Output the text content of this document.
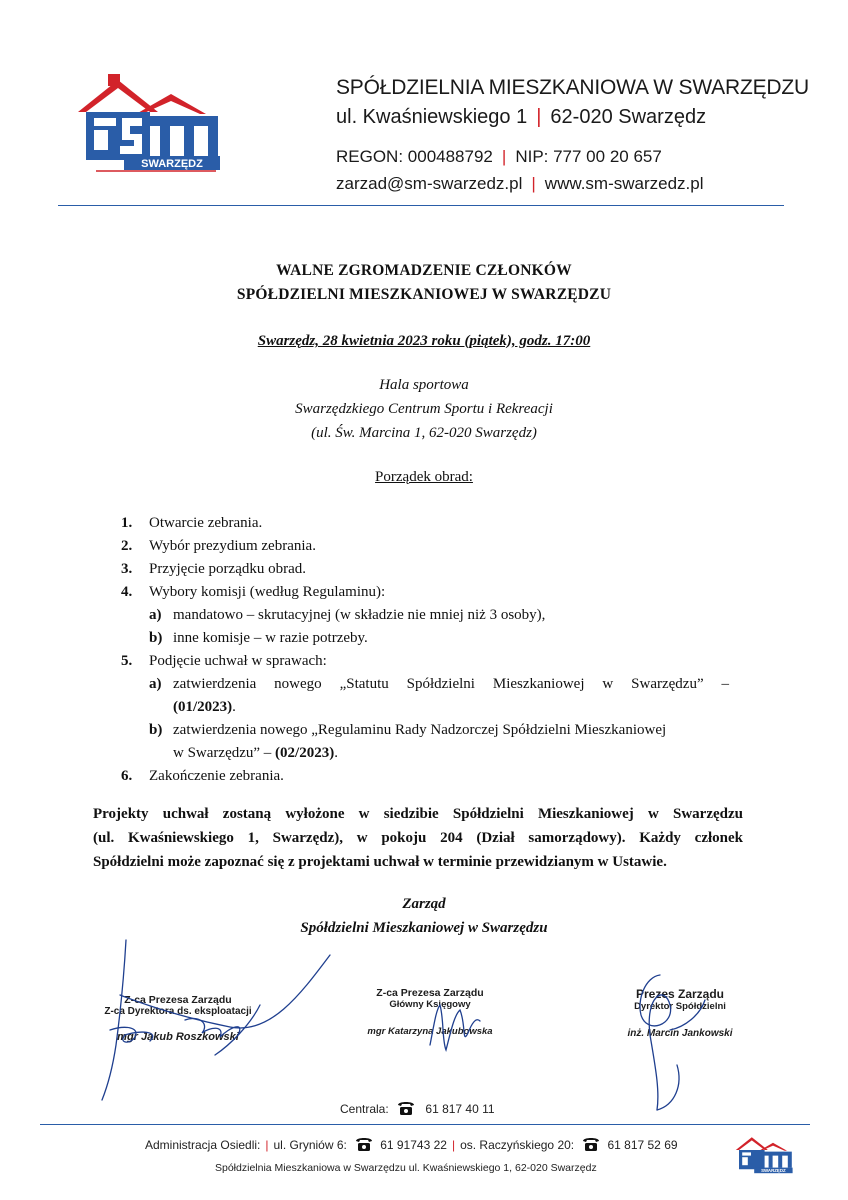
SWARZĘDZ
SPÓŁDZIELNIA MIESZKANIOWA W SWARZĘDZU
ul. Kwaśniewskiego 1 | 62-020 Swarzędz
REGON: 000488792 | NIP: 777 00 20 657
zarzad@sm-swarzedz.pl | www.sm-swarzedz.pl
WALNE ZGROMADZENIE CZŁONKÓW
SPÓŁDZIELNI MIESZKANIOWEJ W SWARZĘDZU
Swarzędz, 28 kwietnia 2023 roku (piątek), godz. 17:00
Hala sportowa
Swarzędzkiego Centrum Sportu i Rekreacji
(ul. Św. Marcina 1, 62-020 Swarzędz)
Porządek obrad:
1. Otwarcie zebrania.
2. Wybór prezydium zebrania.
3. Przyjęcie porządku obrad.
4. Wybory komisji (według Regulaminu):
a) mandatowo – skrutacyjnej (w składzie nie mniej niż 3 osoby),
b) inne komisje – w razie potrzeby.
5. Podjęcie uchwał w sprawach:
a) zatwierdzenia nowego „Statutu Spółdzielni Mieszkaniowej w Swarzędzu” –
(01/2023).
b) zatwierdzenia nowego „Regulaminu Rady Nadzorczej Spółdzielni Mieszkaniowej
w Swarzędzu” – (02/2023).
6. Zakończenie zebrania.
Projekty uchwał zostaną wyłożone w siedzibie Spółdzielni Mieszkaniowej w Swarzędzu
(ul. Kwaśniewskiego 1, Swarzędz), w pokoju 204 (Dział samorządowy). Każdy członek
Spółdzielni może zapoznać się z projektami uchwał w terminie przewidzianym w Ustawie.
Zarząd
Spółdzielni Mieszkaniowej w Swarzędzu
Z-ca Prezesa Zarządu
Z-ca Dyrektora ds. eksploatacji
mgr Jakub Roszkowski
Z-ca Prezesa Zarządu
Główny Księgowy
mgr Katarzyna Jakubowska
Prezes Zarządu
Dyrektor Spółdzielni
inż. Marcin Jankowski
Centrala:	61 817 40 11
Administracja Osiedli: | ul. Gryniów 6:	61 91743 22 | os. Raczyńskiego 20:	61 817 52 69
Spółdzielnia Mieszkaniowa w Swarzędzu ul. Kwaśniewskiego 1, 62-020 Swarzędz	SWARZĘDZ
